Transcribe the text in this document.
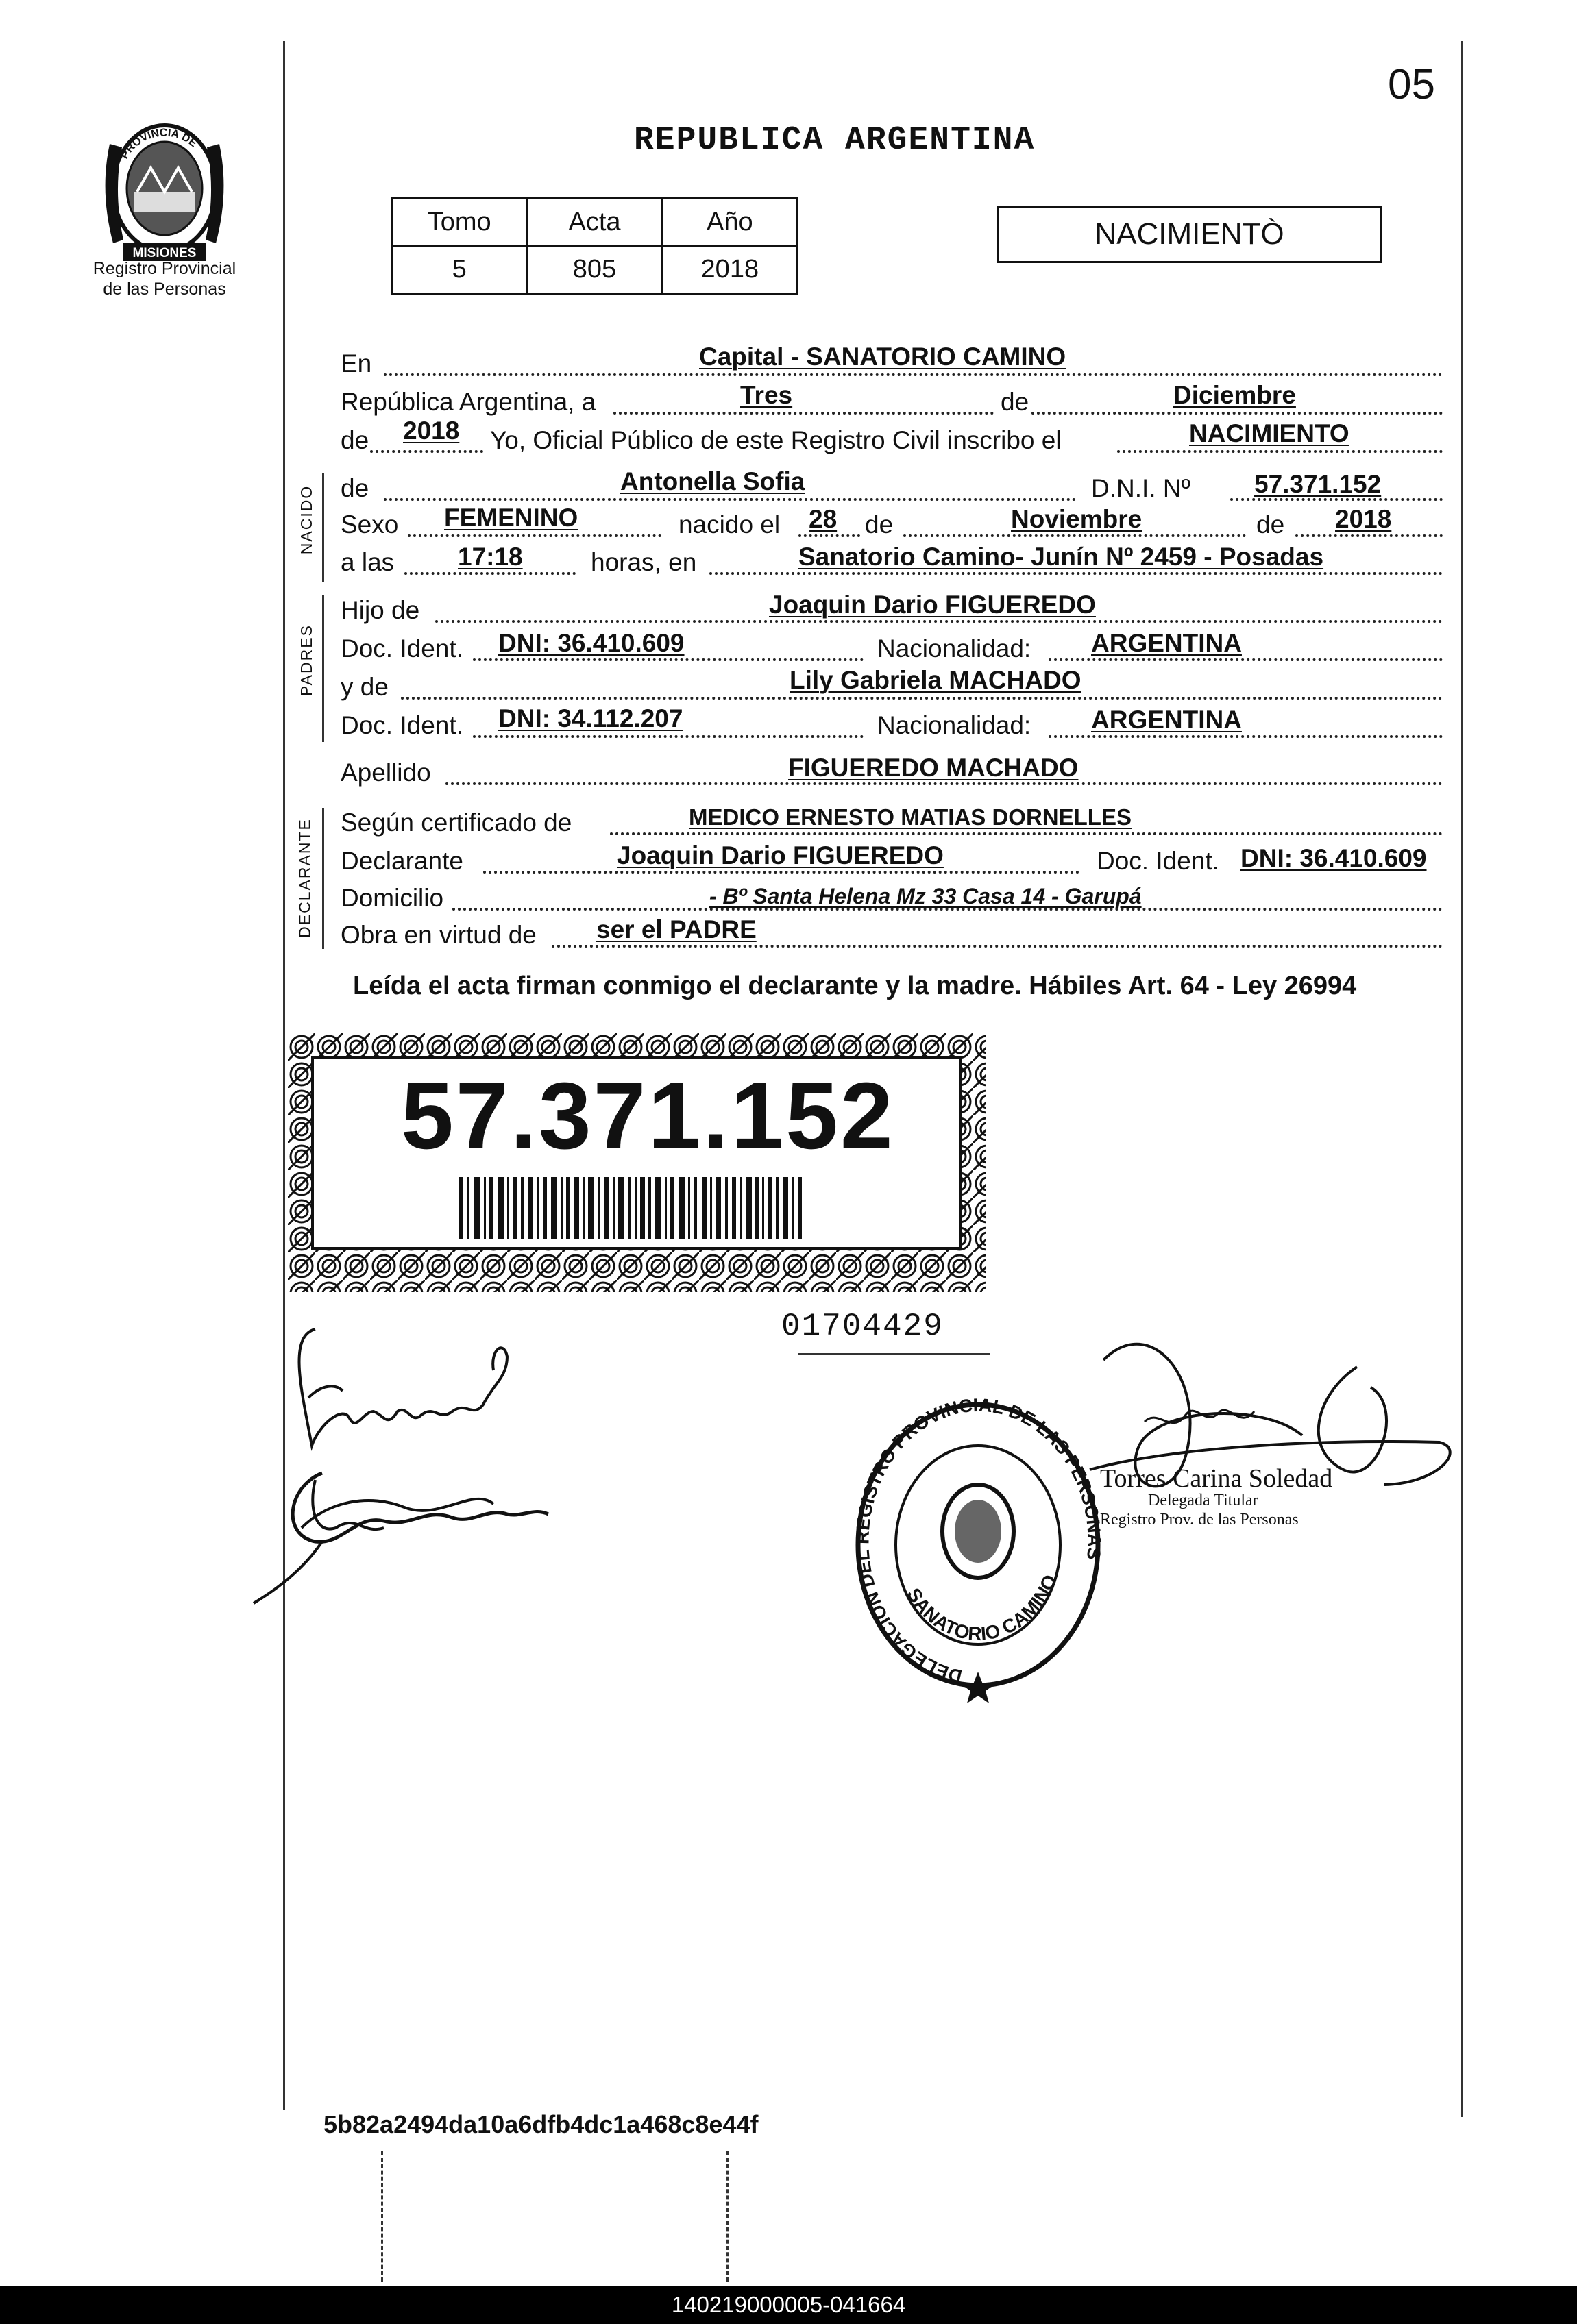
05
REPUBLICA ARGENTINA
PROVINCIA DE
MISIONES
Registro Provincial
de las Personas
Tomo	Acta	Año
5	805	2018
NACIMIENTÒ
En	Capital - SANATORIO CAMINO
República Argentina, a	Tres	de	Diciembre
de 2018 Yo, Oficial Público de este Registro Civil inscribo el	NACIMIENTO
NACIDO de	Antonella Sofia	D.N.I. Nº	57.371.152
Sexo FEMENINO	nacido el 28 de	Noviembre	de 2018
a las	17:18	horas, en	Sanatorio Camino- Junín Nº 2459 - Posadas
PADRES
Hijo de	Joaquin Dario FIGUEREDO
Doc. Ident. DNI: 36.410.609	Nacionalidad: ARGENTINA
y de	Lily Gabriela MACHADO
Doc. Ident. DNI: 34.112.207	Nacionalidad: ARGENTINA
Apellido	FIGUEREDO MACHADO
DECLARANTE Según certificado de	MEDICO ERNESTO MATIAS DORNELLES
Declarante	Joaquin Dario FIGUEREDO	Doc. Ident. DNI: 36.410.609
Domicilio	- Bº Santa Helena Mz 33 Casa 14 - Garupá
Obra en virtud de ser el PADRE
Leída el acta firman conmigo el declarante y la madre. Hábiles Art. 64 - Ley 26994
57.371.152
01704429
DELEGACION DEL REGISTRO PROVINCIAL DE LAS PERSONAS
SANATORIO CAMINO
Registro Prov. de las Personas
Delegada Titular
Torres Carina Soledad
5b82a2494da10a6dfb4dc1a468c8e44f
140219000005-041664
